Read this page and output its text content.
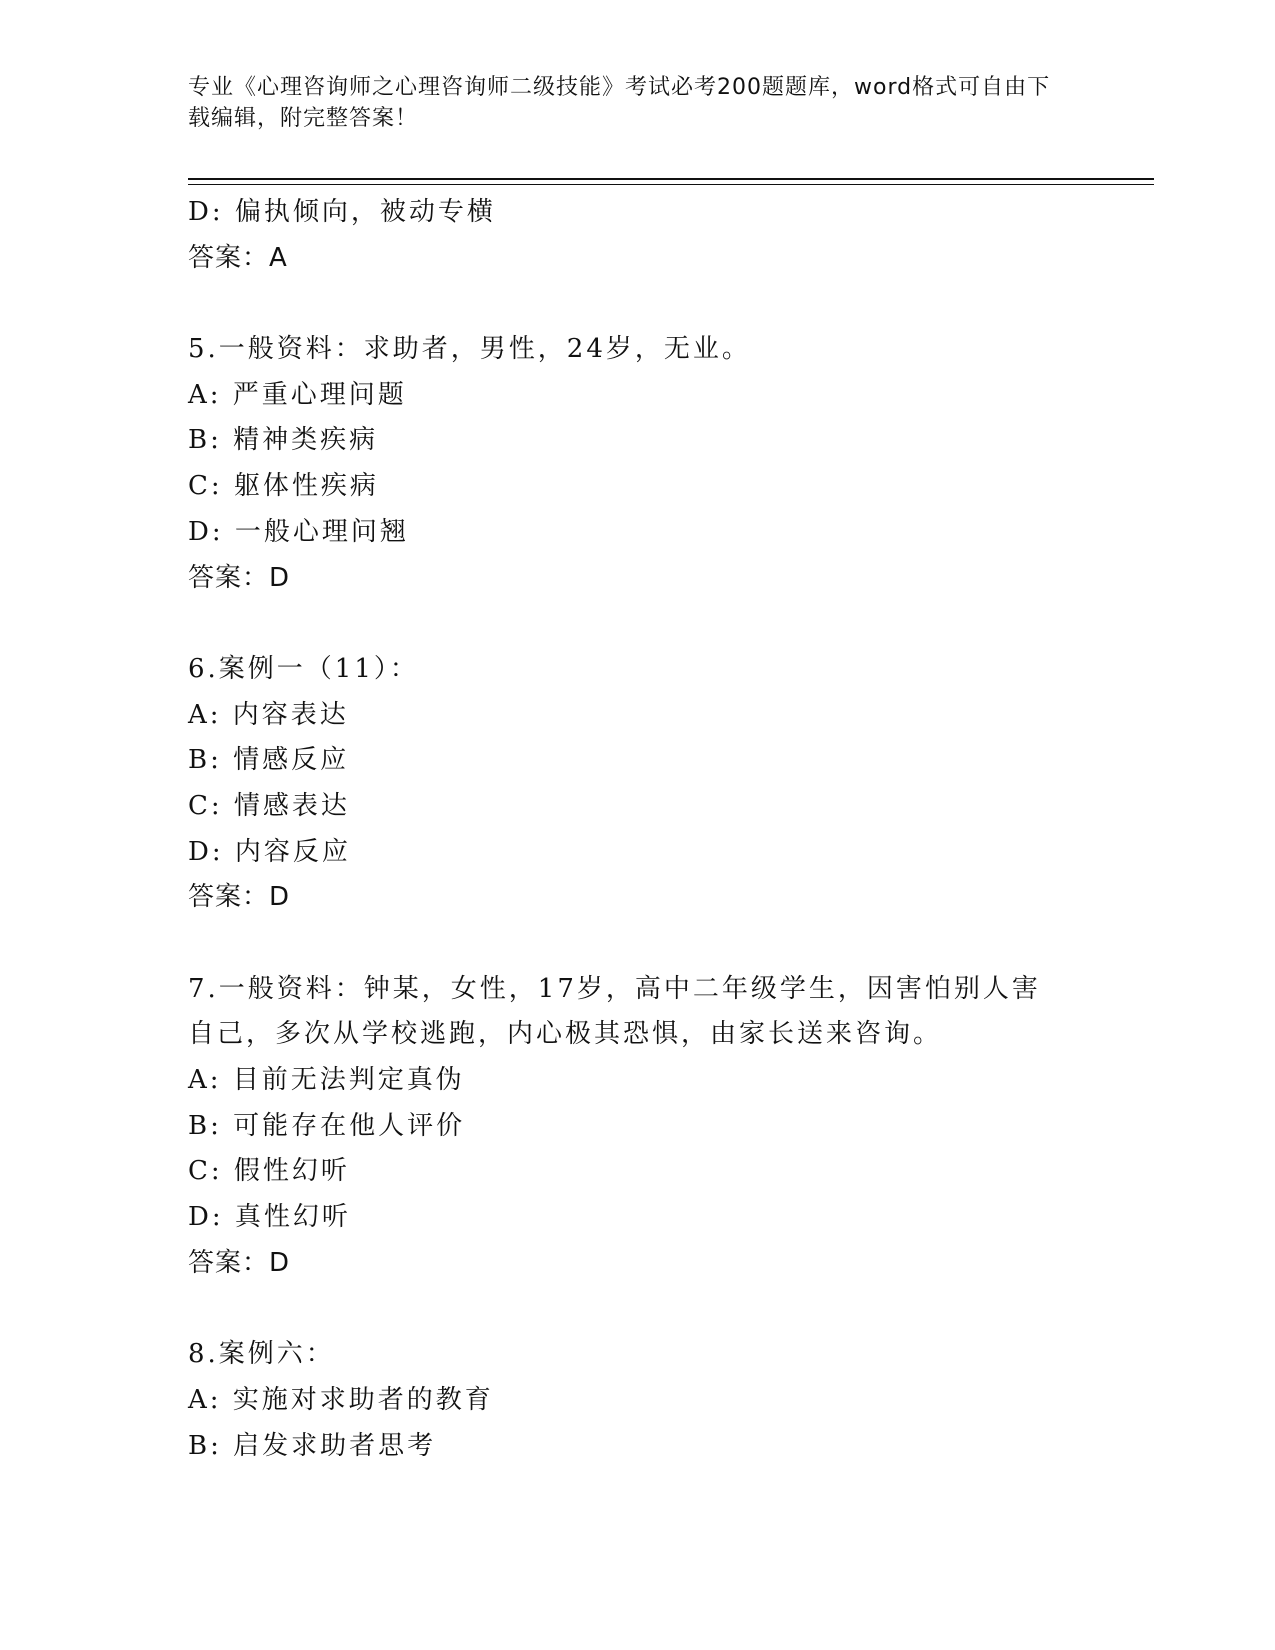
专业《心理咨询师之心理咨询师二级技能》考试必考200题题库，word格式可自由下载编辑，附完整答案！
D: 偏执倾向，被动专横
答案：A
5.一般资料：求助者，男性，24岁，无业。
A: 严重心理问题
B: 精神类疾病
C: 躯体性疾病
D: 一般心理问翘
答案：D
6.案例一（11）：
A: 内容表达
B: 情感反应
C: 情感表达
D: 内容反应
答案：D
7.一般资料：钟某，女性，17岁，高中二年级学生，因害怕别人害自己，多次从学校逃跑，内心极其恐惧，由家长送来咨询。
A: 目前无法判定真伪
B: 可能存在他人评价
C: 假性幻听
D: 真性幻听
答案：D
8.案例六：
A: 实施对求助者的教育
B: 启发求助者思考
